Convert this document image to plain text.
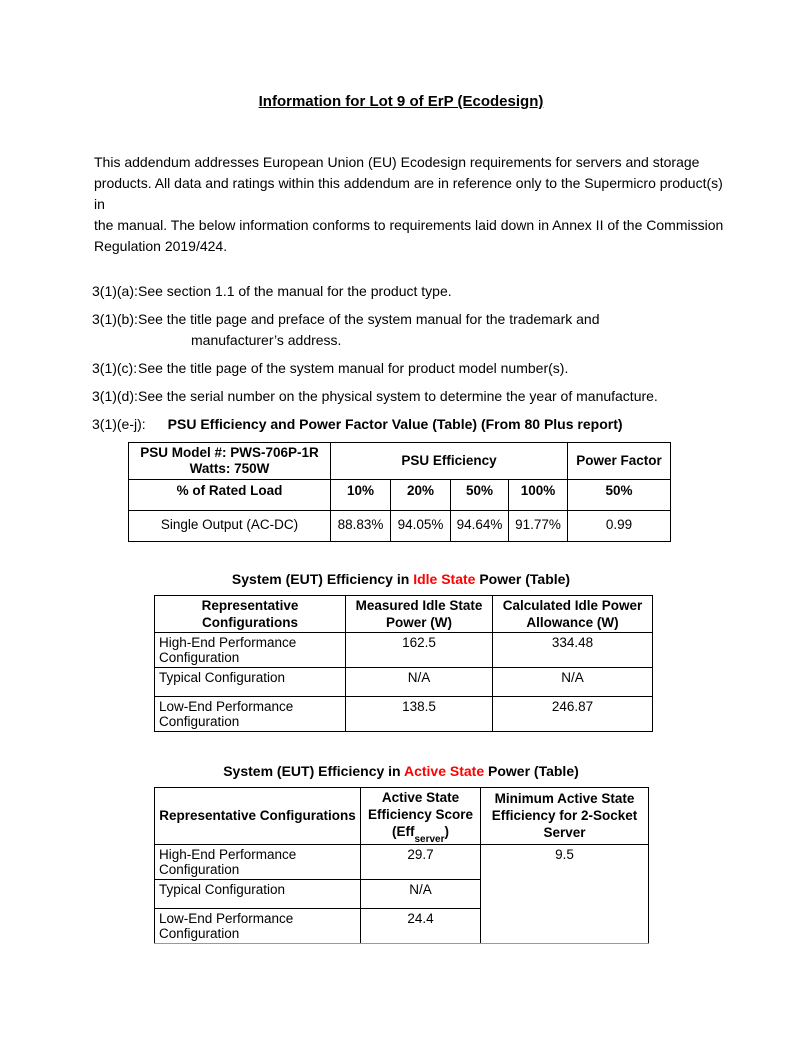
Information for Lot 9 of ErP (Ecodesign)
This addendum addresses European Union (EU) Ecodesign requirements for servers and storage
products. All data and ratings within this addendum are in reference only to the Supermicro product(s) in
the manual. The below information conforms to requirements laid down in Annex II of the Commission
Regulation 2019/424.
3(1)(a): See section 1.1 of the manual for the product type.
3(1)(b): See the title page and preface of the system manual for the trademark and
manufacturer’s address.
3(1)(c): See the title page of the system manual for product model number(s).
3(1)(d): See the serial number on the physical system to determine the year of manufacture.
3(1)(e-j): PSU Efficiency and Power Factor Value (Table) (From 80 Plus report)
PSU Model #: PWS-706P-1R
Watts: 750W	PSU Efficiency				Power Factor
% of Rated Load	10%	20%	50%	100%	50%
Single Output (AC-DC)	88.83%	94.05%	94.64%	91.77%	0.99
System (EUT) Efficiency in Idle State Power (Table)
Representative Configurations	Measured Idle State Power (W)	Calculated Idle Power Allowance (W)
High-End Performance Configuration	162.5	334.48
Typical Configuration	N/A	N/A
Low-End Performance Configuration	138.5	246.87
System (EUT) Efficiency in Active State Power (Table)
Representative Configurations	Active State Efficiency Score (Eff$_{server}$)	Minimum Active State Efficiency for 2-Socket Server
High-End Performance Configuration	29.7	9.5
Typical Configuration	N/A	
Low-End Performance Configuration	24.4	
